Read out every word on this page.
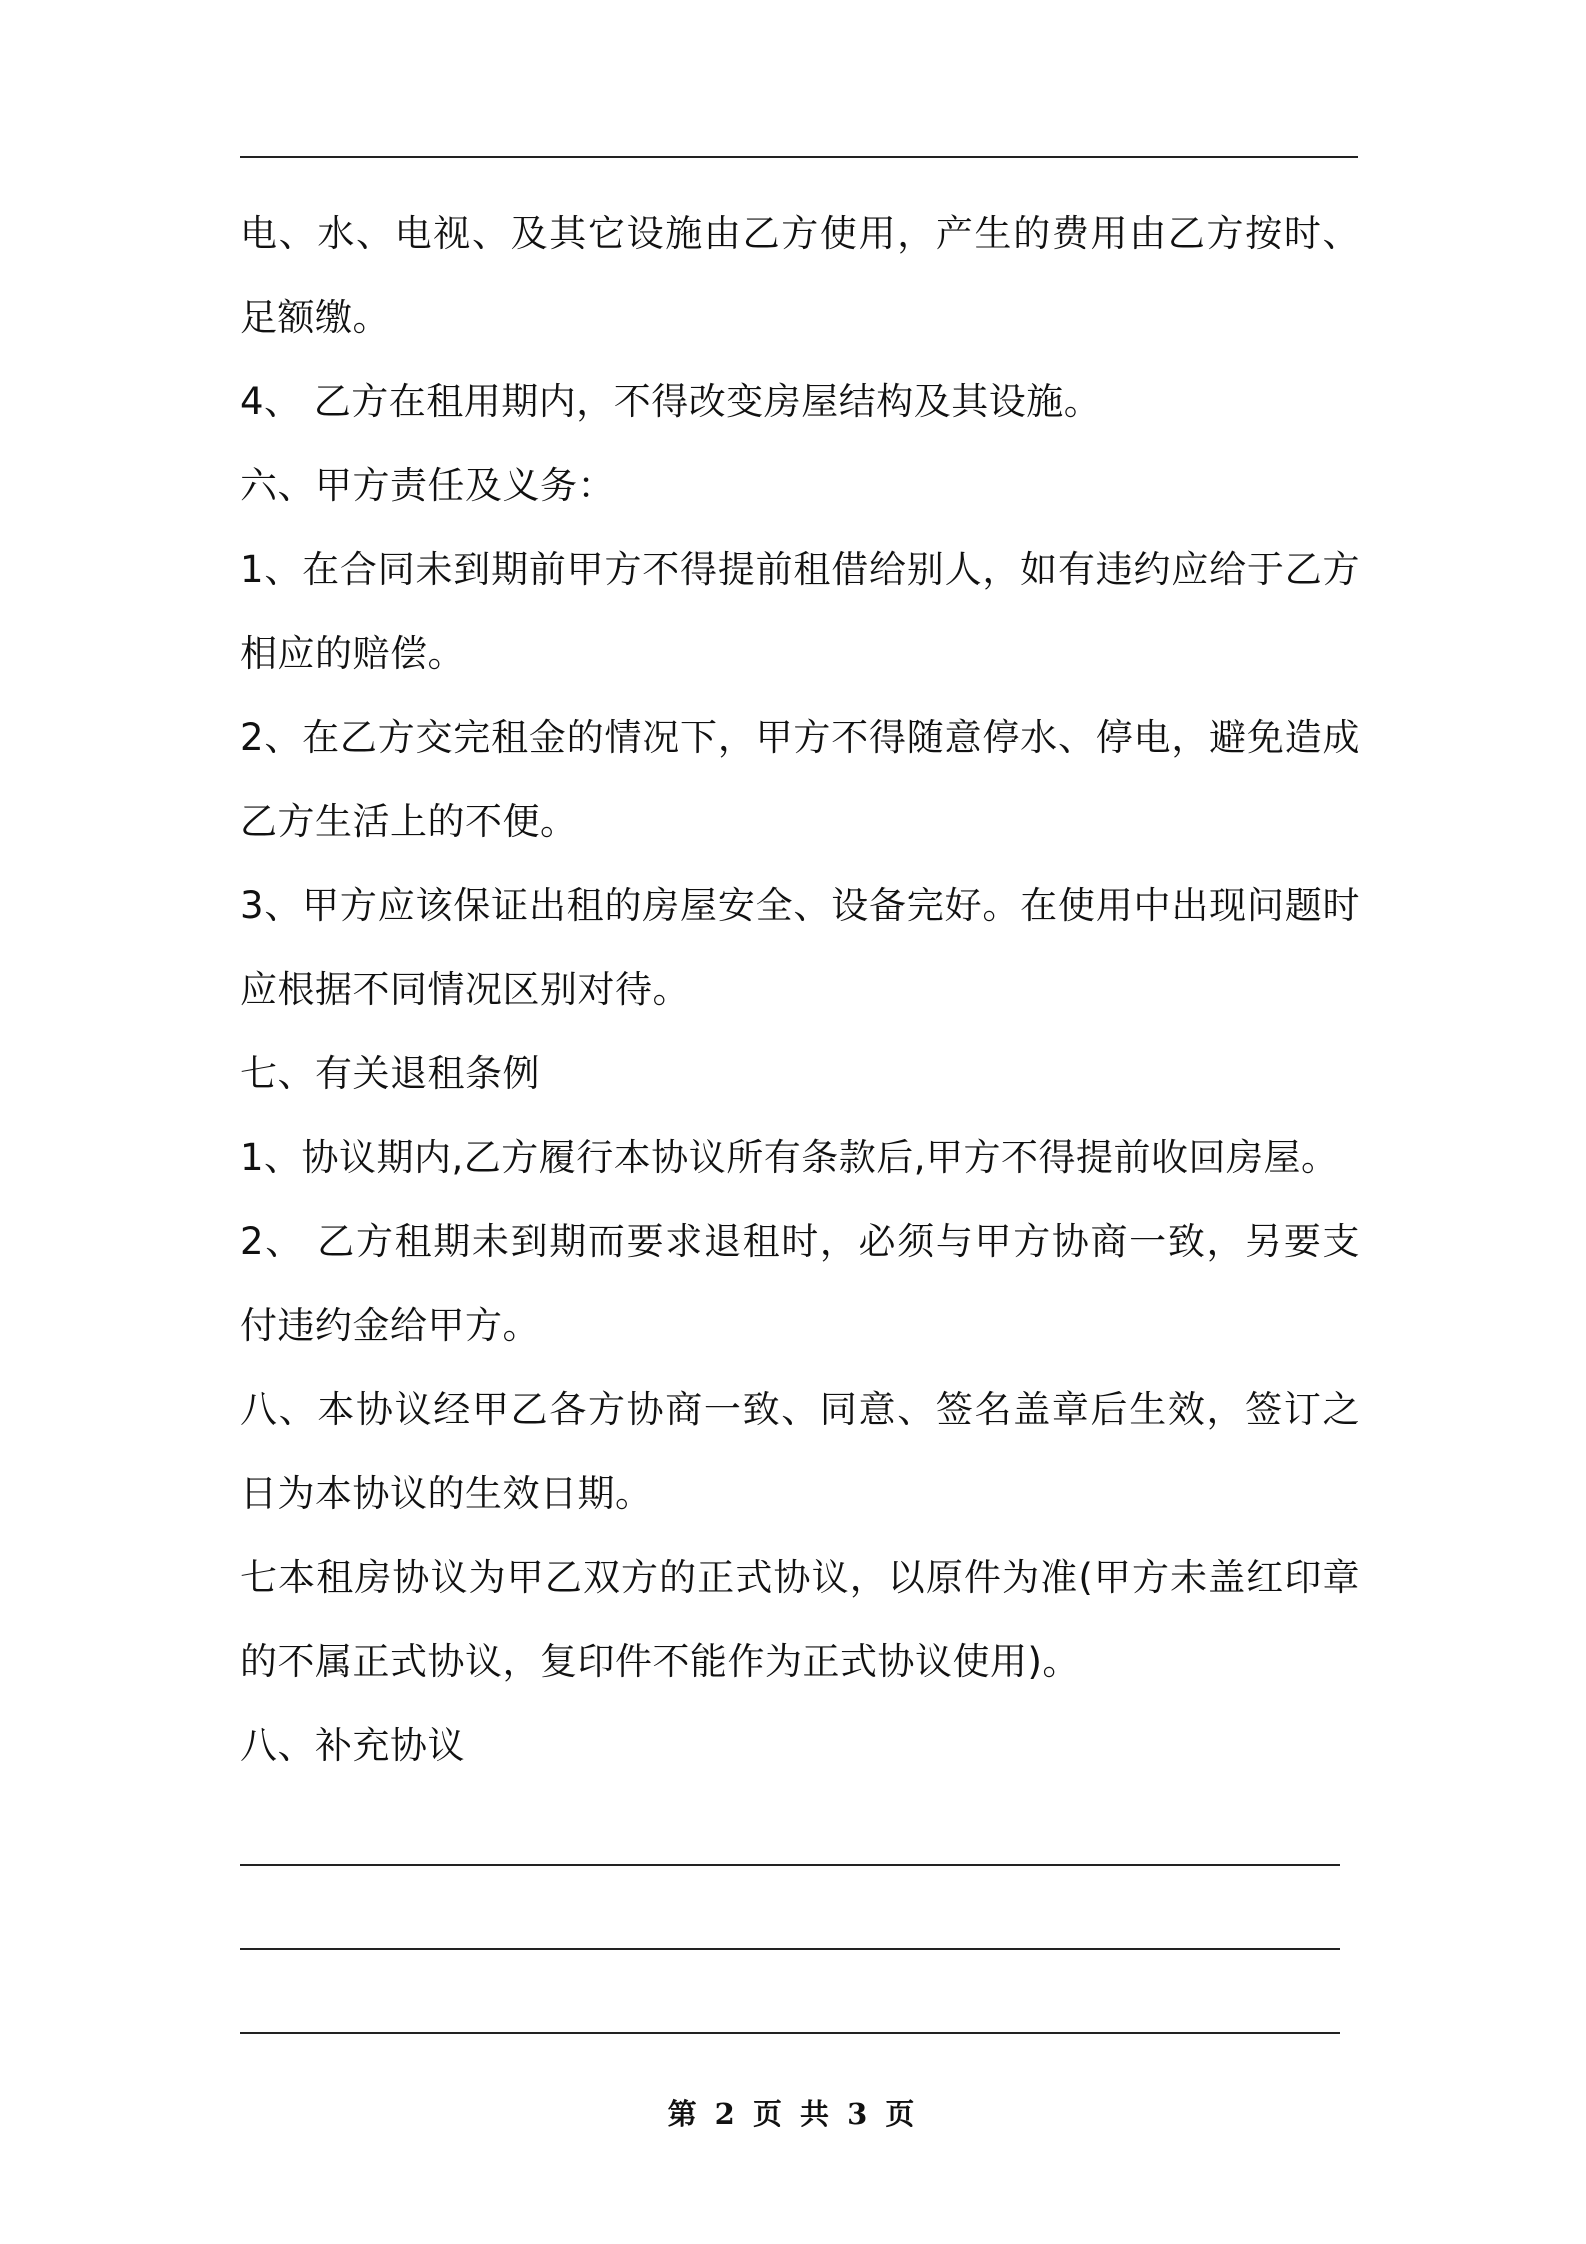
电、水、电视、及其它设施由乙方使用，产生的费用由乙方按时、足额缴。

4、 乙方在租用期内，不得改变房屋结构及其设施。

六、甲方责任及义务：

1、在合同未到期前甲方不得提前租借给别人，如有违约应给于乙方相应的赔偿。

2、在乙方交完租金的情况下，甲方不得随意停水、停电，避免造成乙方生活上的不便。

3、甲方应该保证出租的房屋安全、设备完好。在使用中出现问题时应根据不同情况区别对待。

七、有关退租条例

1、协议期内,乙方履行本协议所有条款后,甲方不得提前收回房屋。

2、 乙方租期未到期而要求退租时，必须与甲方协商一致，另要支付违约金给甲方。

八、本协议经甲乙各方协商一致、同意、签名盖章后生效，签订之日为本协议的生效日期。

七本租房协议为甲乙双方的正式协议，以原件为准(甲方未盖红印章的不属正式协议，复印件不能作为正式协议使用)。

八、补充协议

第 2 页 共 3 页
